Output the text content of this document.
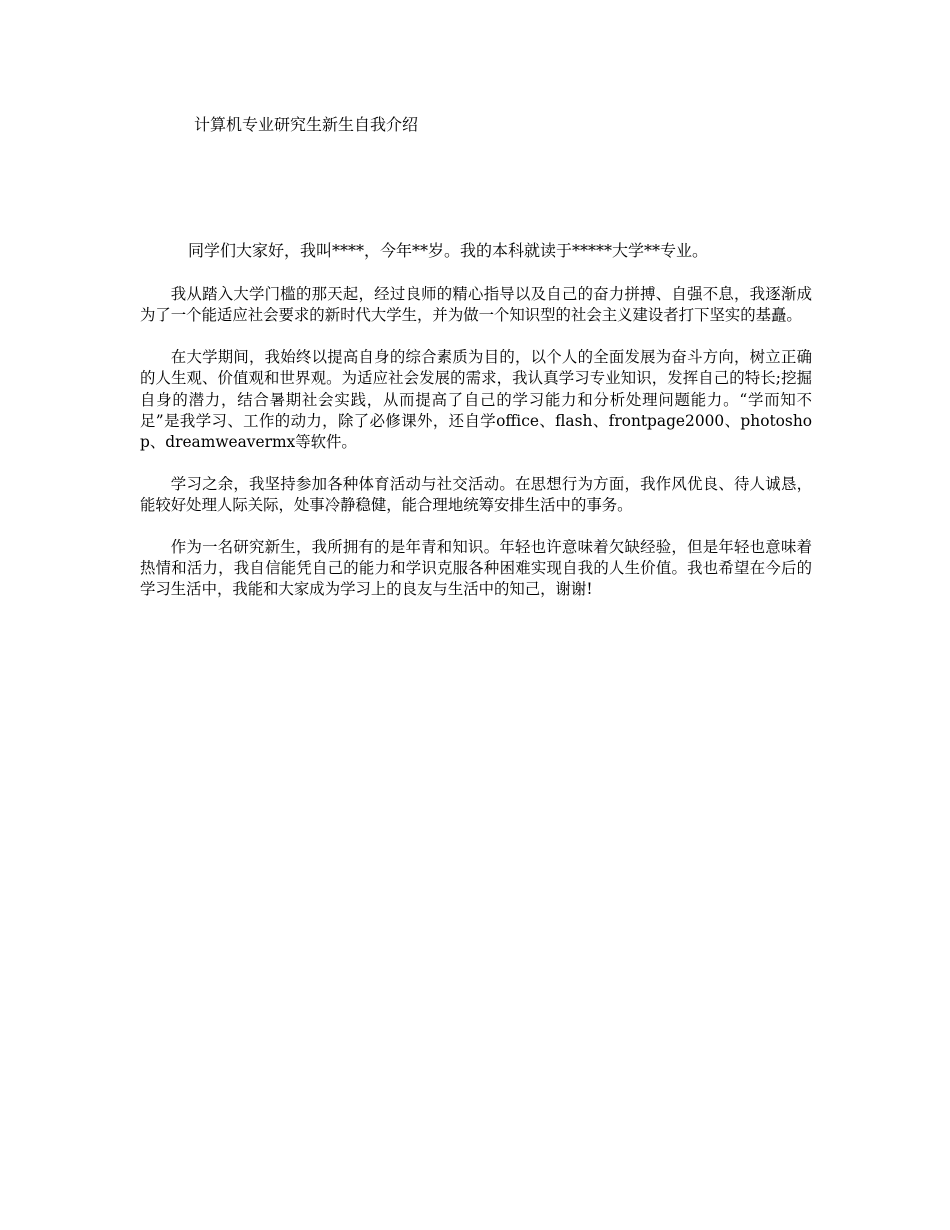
计算机专业研究生新生自我介绍
同学们大家好，我叫****，今年**岁。我的本科就读于*****大学**专业。

我从踏入大学门槛的那天起，经过良师的精心指导以及自己的奋力拼搏、自强不息，我逐渐成为了一个能适应社会要求的新时代大学生，并为做一个知识型的社会主义建设者打下坚实的基矗。

在大学期间，我始终以提高自身的综合素质为目的，以个人的全面发展为奋斗方向，树立正确的人生观、价值观和世界观。为适应社会发展的需求，我认真学习专业知识，发挥自己的特长;挖掘自身的潜力，结合暑期社会实践，从而提高了自己的学习能力和分析处理问题能力。“学而知不足”是我学习、工作的动力，除了必修课外，还自学office、flash、frontpage2000、photoshop、dreamweavermx等软件。

学习之余，我坚持参加各种体育活动与社交活动。在思想行为方面，我作风优良、待人诚恳，能较好处理人际关际，处事冷静稳健，能合理地统筹安排生活中的事务。

作为一名研究新生，我所拥有的是年青和知识。年轻也许意味着欠缺经验，但是年轻也意味着热情和活力，我自信能凭自己的能力和学识克服各种困难实现自我的人生价值。我也希望在今后的学习生活中，我能和大家成为学习上的良友与生活中的知己，谢谢!
